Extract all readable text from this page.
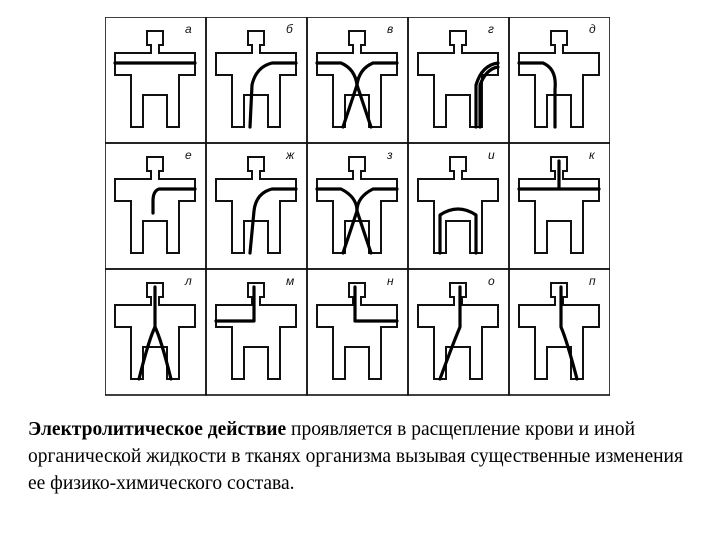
а	б	в	г	д
е	ж	з	и	к
л	м	н	о	п

Электролитическое действие проявляется в расщепление крови и иной органической жидкости в тканях организма вызывая существенные изменения ее физико-химического состава.
